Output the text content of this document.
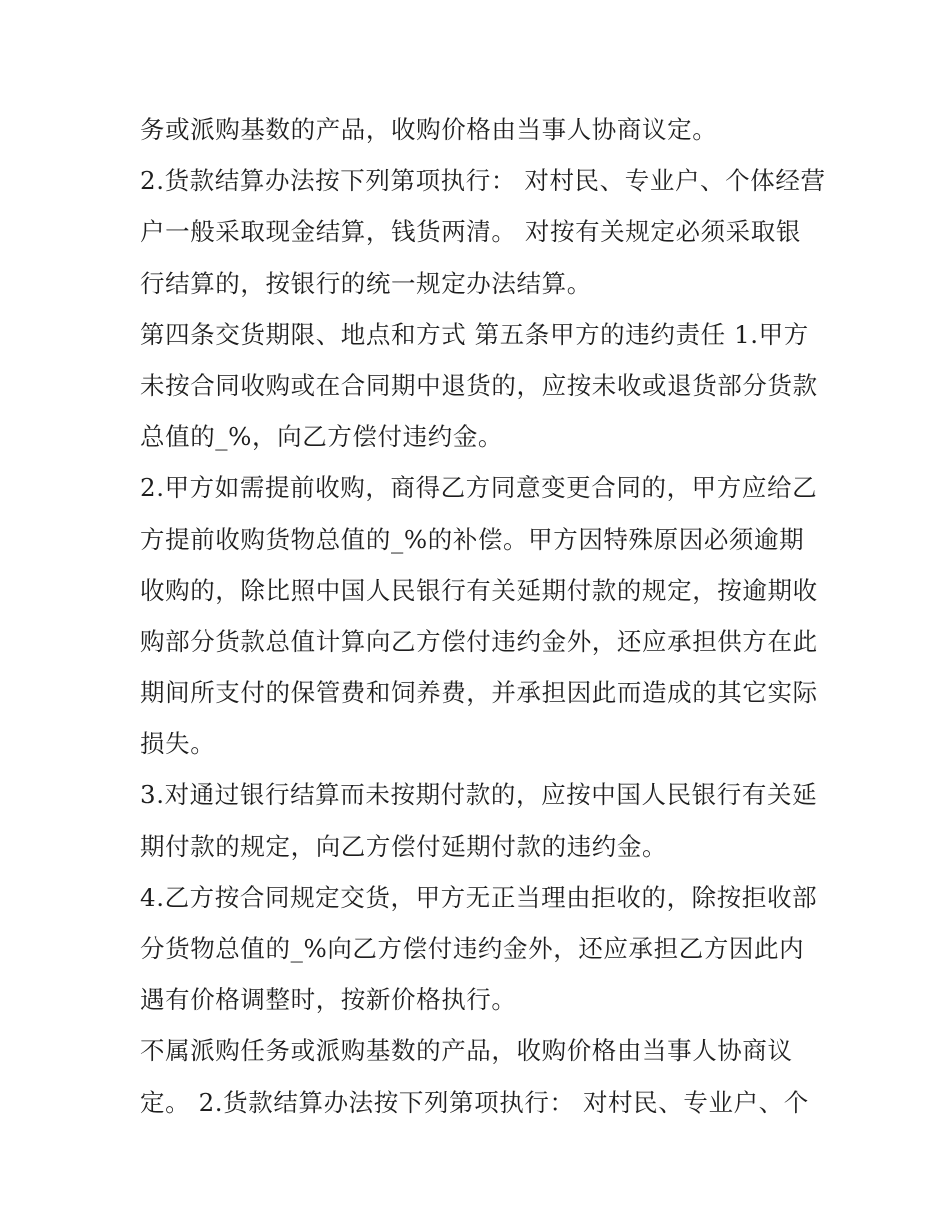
务或派购基数的产品，收购价格由当事人协商议定。
2.货款结算办法按下列第项执行： 对村民、专业户、个体经营
户一般采取现金结算，钱货两清。 对按有关规定必须采取银
行结算的，按银行的统一规定办法结算。
第四条交货期限、地点和方式 第五条甲方的违约责任 1.甲方
未按合同收购或在合同期中退货的，应按未收或退货部分货款
总值的_%，向乙方偿付违约金。
2.甲方如需提前收购，商得乙方同意变更合同的，甲方应给乙
方提前收购货物总值的_%的补偿。甲方因特殊原因必须逾期
收购的，除比照中国人民银行有关延期付款的规定，按逾期收
购部分货款总值计算向乙方偿付违约金外，还应承担供方在此
期间所支付的保管费和饲养费，并承担因此而造成的其它实际
损失。
3.对通过银行结算而未按期付款的，应按中国人民银行有关延
期付款的规定，向乙方偿付延期付款的违约金。
4.乙方按合同规定交货，甲方无正当理由拒收的，除按拒收部
分货物总值的_%向乙方偿付违约金外，还应承担乙方因此内
遇有价格调整时，按新价格执行。
不属派购任务或派购基数的产品，收购价格由当事人协商议
定。 2.货款结算办法按下列第项执行： 对村民、专业户、个
